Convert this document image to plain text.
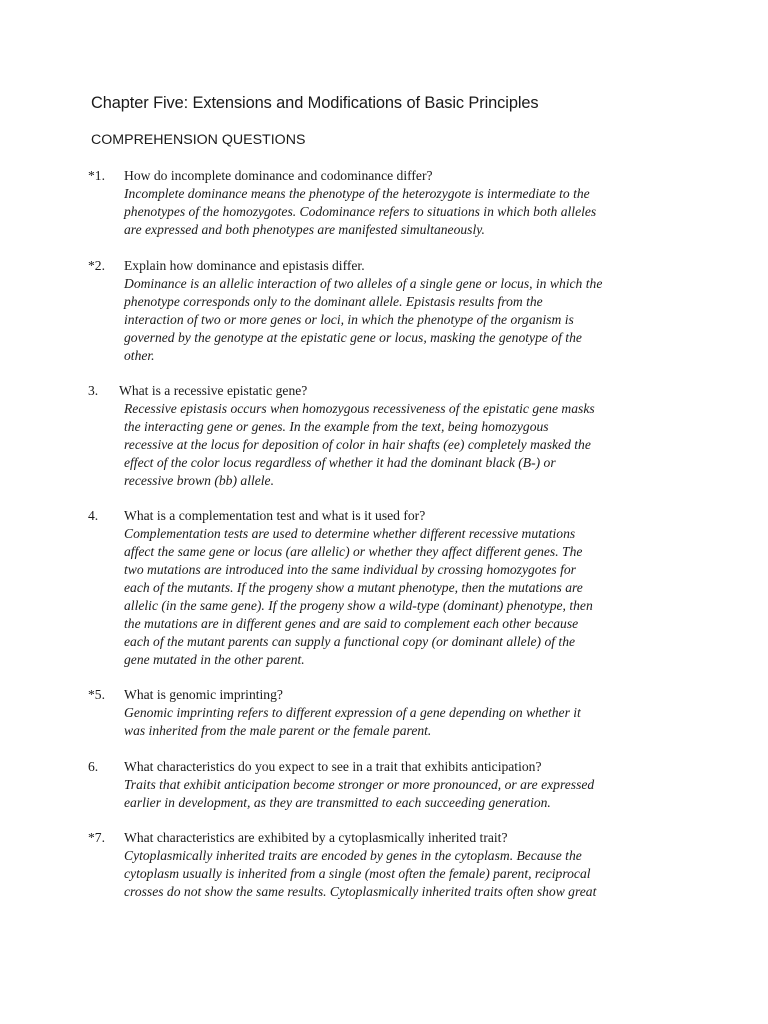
Chapter Five: Extensions and Modifications of Basic Principles
COMPREHENSION QUESTIONS
*1. How do incomplete dominance and codominance differ?
Incomplete dominance means the phenotype of the heterozygote is intermediate to the
phenotypes of the homozygotes. Codominance refers to situations in which both alleles
are expressed and both phenotypes are manifested simultaneously.
*2. Explain how dominance and epistasis differ.
Dominance is an allelic interaction of two alleles of a single gene or locus, in which the
phenotype corresponds only to the dominant allele. Epistasis results from the
interaction of two or more genes or loci, in which the phenotype of the organism is
governed by the genotype at the epistatic gene or locus, masking the genotype of the
other.
3. What is a recessive epistatic gene?
Recessive epistasis occurs when homozygous recessiveness of the epistatic gene masks
the interacting gene or genes. In the example from the text, being homozygous
recessive at the locus for deposition of color in hair shafts (ee) completely masked the
effect of the color locus regardless of whether it had the dominant black (B-) or
recessive brown (bb) allele.
4. What is a complementation test and what is it used for?
Complementation tests are used to determine whether different recessive mutations
affect the same gene or locus (are allelic) or whether they affect different genes. The
two mutations are introduced into the same individual by crossing homozygotes for
each of the mutants. If the progeny show a mutant phenotype, then the mutations are
allelic (in the same gene). If the progeny show a wild-type (dominant) phenotype, then
the mutations are in different genes and are said to complement each other because
each of the mutant parents can supply a functional copy (or dominant allele) of the
gene mutated in the other parent.
*5. What is genomic imprinting?
Genomic imprinting refers to different expression of a gene depending on whether it
was inherited from the male parent or the female parent.
6. What characteristics do you expect to see in a trait that exhibits anticipation?
Traits that exhibit anticipation become stronger or more pronounced, or are expressed
earlier in development, as they are transmitted to each succeeding generation.
*7. What characteristics are exhibited by a cytoplasmically inherited trait?
Cytoplasmically inherited traits are encoded by genes in the cytoplasm. Because the
cytoplasm usually is inherited from a single (most often the female) parent, reciprocal
crosses do not show the same results. Cytoplasmically inherited traits often show great
